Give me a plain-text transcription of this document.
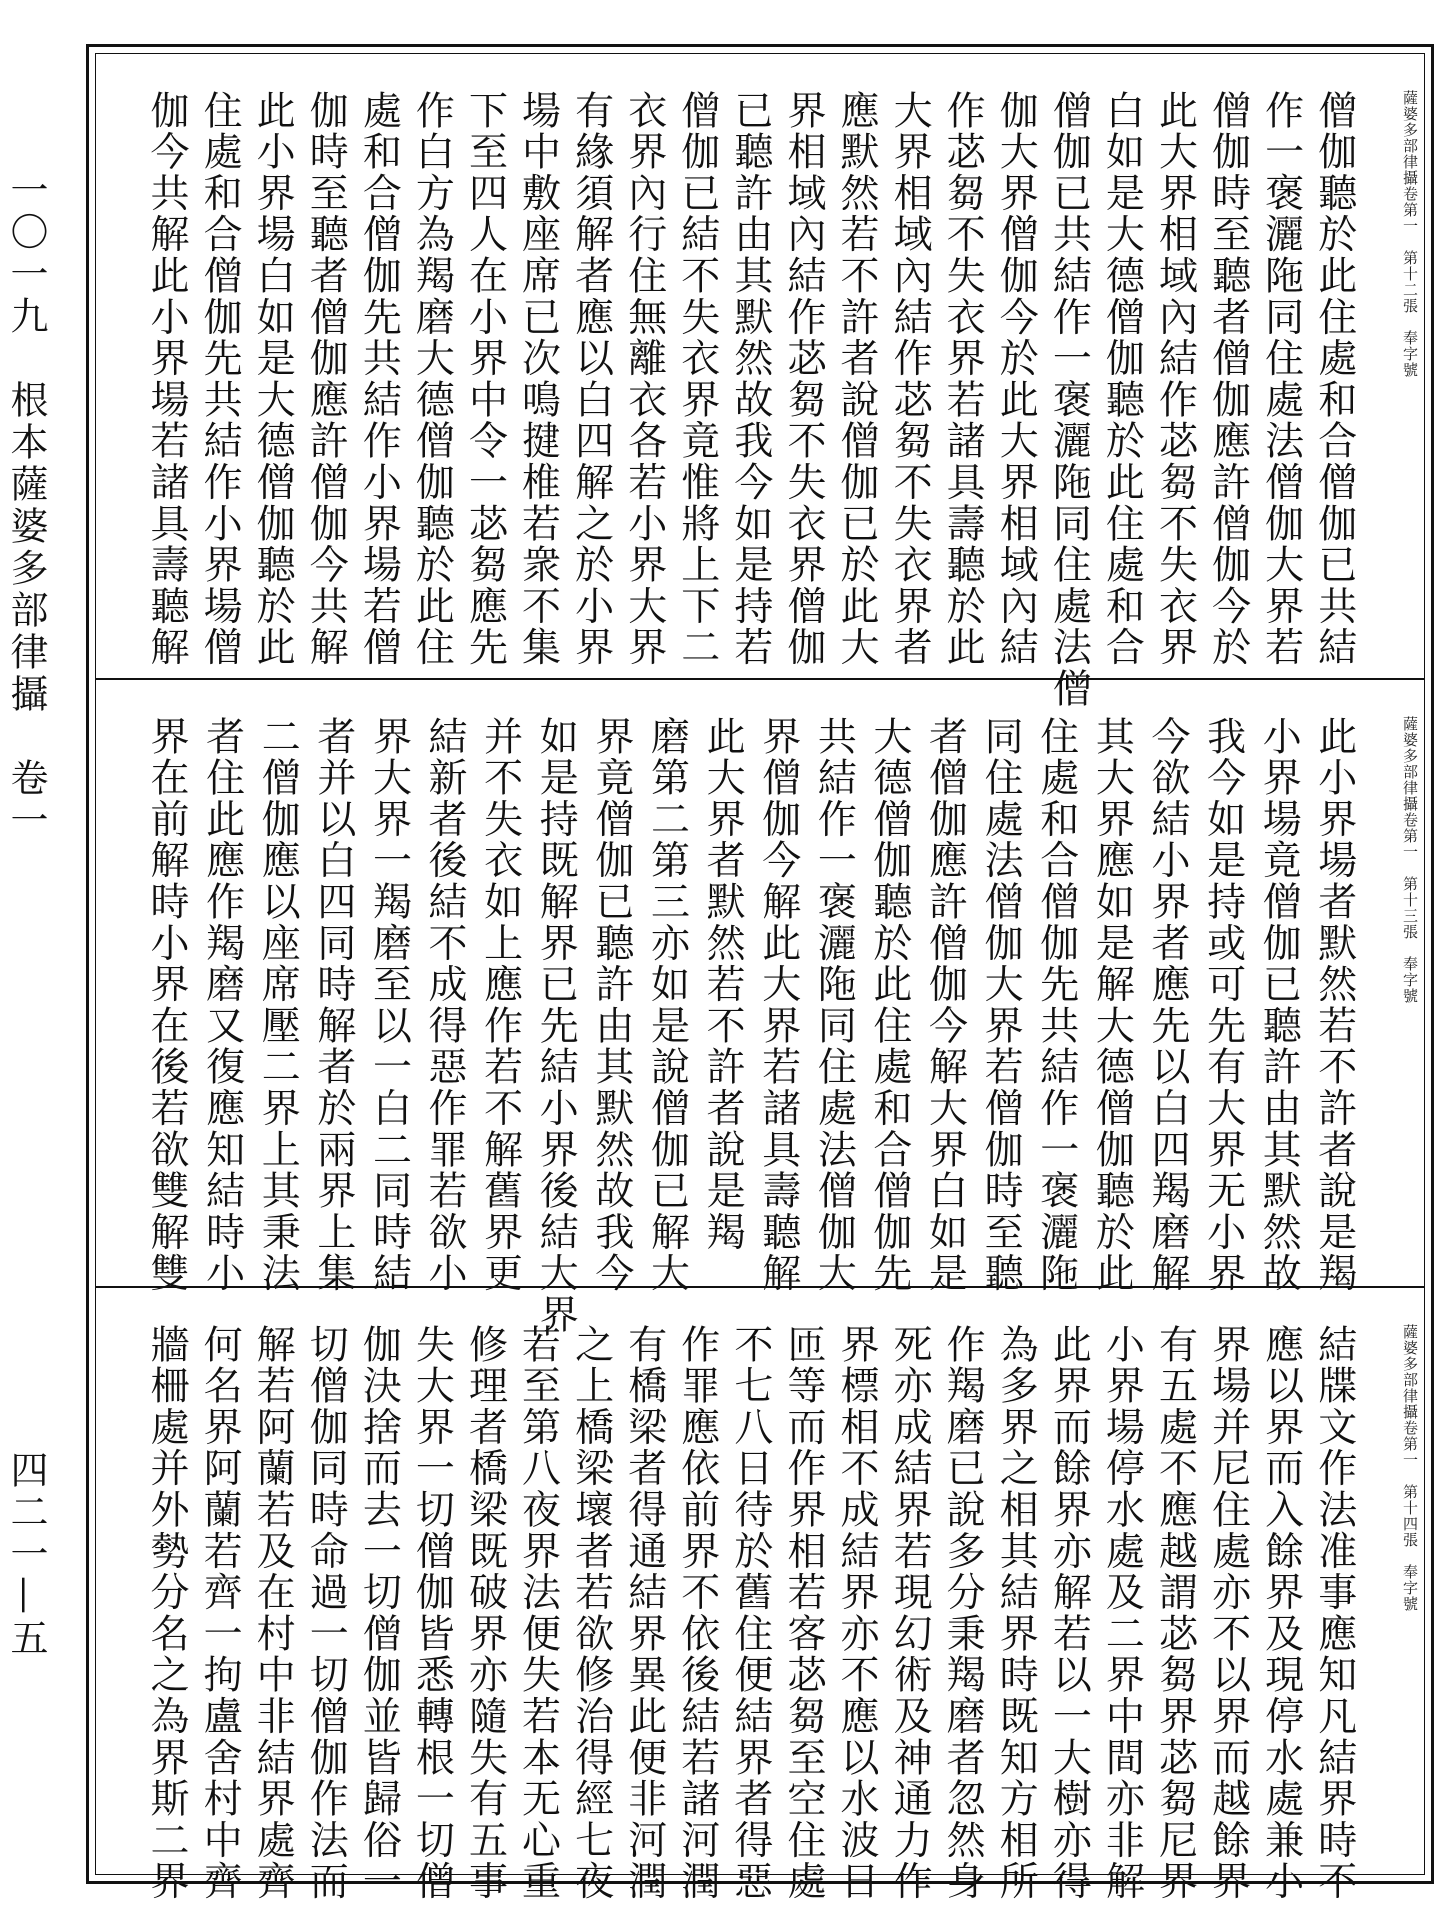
一〇一九　根本薩婆多部律攝　卷一
四二一—五
薩婆多部律攝卷第一　第十二張　奉字號
僧伽聽於此住處和合僧伽已共結
作一褒灑陁同住處法僧伽大界若
僧伽時至聽者僧伽應許僧伽今於
此大界相域內結作苾芻不失衣界
白如是大德僧伽聽於此住處和合
僧伽已共結作一褒灑陁同住處法僧
伽大界僧伽今於此大界相域內結
作苾芻不失衣界若諸具壽聽於此
大界相域內結作苾芻不失衣界者
應默然若不許者說僧伽已於此大
界相域內結作苾芻不失衣界僧伽
已聽許由其默然故我今如是持若
僧伽已結不失衣界竟惟將上下二
衣界內行住無離衣各若小界大界
有緣須解者應以白四解之於小界
場中敷座席已次鳴揵椎若衆不集
下至四人在小界中令一苾芻應先
作白方為羯磨大德僧伽聽於此住
處和合僧伽先共結作小界場若僧
伽時至聽者僧伽應許僧伽今共解
此小界場白如是大德僧伽聽於此
住處和合僧伽先共結作小界場僧
伽今共解此小界場若諸具壽聽解
薩婆多部律攝卷第一　第十三張　奉字號
此小界場者默然若不許者說是羯
小界場竟僧伽已聽許由其默然故
我今如是持或可先有大界无小界
今欲結小界者應先以白四羯磨解
其大界應如是解大德僧伽聽於此
住處和合僧伽先共結作一褒灑陁
同住處法僧伽大界若僧伽時至聽
者僧伽應許僧伽今解大界白如是
大德僧伽聽於此住處和合僧伽先
共結作一褒灑陁同住處法僧伽大
界僧伽今解此大界若諸具壽聽解
此大界者默然若不許者說是羯
磨第二第三亦如是說僧伽已解大
界竟僧伽已聽許由其默然故我今
如是持既解界已先結小界後結大界
并不失衣如上應作若不解舊界更
結新者後結不成得惡作罪若欲小
界大界一羯磨至以一白二同時結
者并以白四同時解者於兩界上集
二僧伽應以座席壓二界上其秉法
者住此應作羯磨又復應知結時小
界在前解時小界在後若欲雙解雙
薩婆多部律攝卷第一　第十四張　奉字號
結牒文作法准事應知凡結界時不
應以界而入餘界及現停水處兼小
界場并尼住處亦不以界而越餘界
有五處不應越謂苾芻界苾芻尼界
小界場停水處及二界中間亦非解
此界而餘界亦解若以一大樹亦得
為多界之相其結界時既知方相所
作羯磨已說多分秉羯磨者忽然身
死亦成結界若現幻術及神通力作
界標相不成結界亦不應以水波日
匝等而作界相若客苾芻至空住處
不七八日待於舊住便結界者得惡
作罪應依前界不依後結若諸河潤
有橋梁者得通結界異此便非河潤
之上橋梁壞者若欲修治得經七夜
若至第八夜界法便失若本无心重
修理者橋梁既破界亦隨失有五事
失大界一切僧伽皆悉轉根一切僧
伽決捨而去一切僧伽並皆歸俗一
切僧伽同時命過一切僧伽作法而
解若阿蘭若及在村中非結界處齊
何名界阿蘭若齊一拘盧舍村中齊
牆柵處并外勢分名之為界斯二界
